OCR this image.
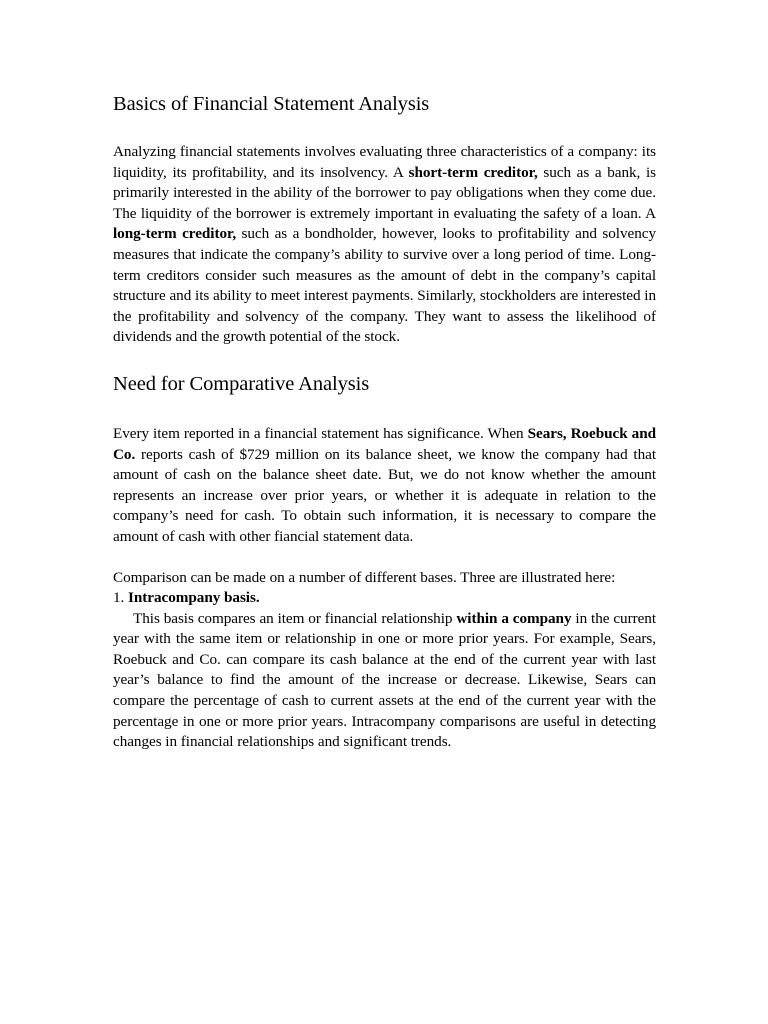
Basics of Financial Statement Analysis

Analyzing financial statements involves evaluating three characteristics of a company: its liquidity, its profitability, and its insolvency. A short-term creditor, such as a bank, is primarily interested in the ability of the borrower to pay obligations when they come due. The liquidity of the borrower is extremely important in evaluating the safety of a loan. A long-term creditor, such as a bondholder, however, looks to profitability and solvency measures that indicate the company’s ability to survive over a long period of time. Long-term creditors consider such measures as the amount of debt in the company’s capital structure and its ability to meet interest payments. Similarly, stockholders are interested in the profitability and solvency of the company. They want to assess the likelihood of dividends and the growth potential of the stock.

Need for Comparative Analysis

Every item reported in a financial statement has significance. When Sears, Roebuck and Co. reports cash of $729 million on its balance sheet, we know the company had that amount of cash on the balance sheet date. But, we do not know whether the amount represents an increase over prior years, or whether it is adequate in relation to the company’s need for cash. To obtain such information, it is necessary to compare the amount of cash with other fiancial statement data.

Comparison can be made on a number of different bases. Three are illustrated here:

1. Intracompany basis.

This basis compares an item or financial relationship within a company in the current year with the same item or relationship in one or more prior years. For example, Sears, Roebuck and Co. can compare its cash balance at the end of the current year with last year’s balance to find the amount of the increase or decrease. Likewise, Sears can compare the percentage of cash to current assets at the end of the current year with the percentage in one or more prior years. Intracompany comparisons are useful in detecting changes in financial relationships and significant trends.
